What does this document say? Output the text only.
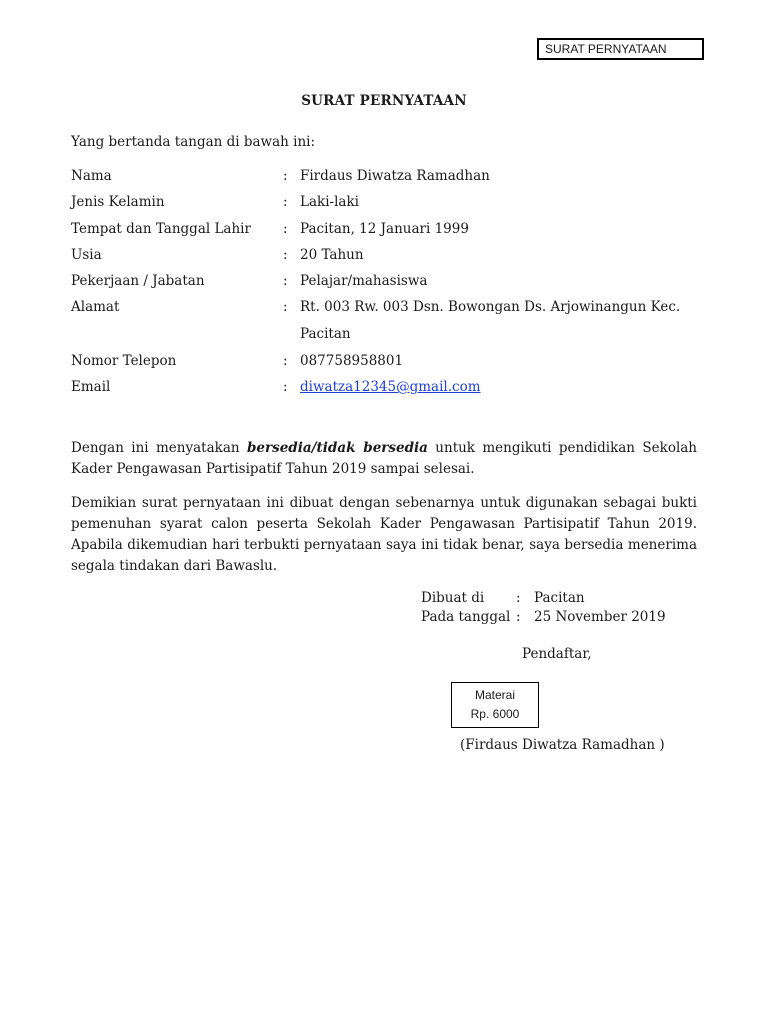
SURAT PERNYATAAN
SURAT PERNYATAAN
Yang bertanda tangan di bawah ini:
Nama	: Firdaus Diwatza Ramadhan
Jenis Kelamin	: Laki-laki
Tempat dan Tanggal Lahir : Pacitan, 12 Januari 1999
Usia	: 20 Tahun
Pekerjaan / Jabatan	: Pelajar/mahasiswa
Alamat	: Rt. 003 Rw. 003 Dsn. Bowongan Ds. Arjowinangun Kec.
Pacitan
Nomor Telepon	: 087758958801
Email	: diwatza12345@gmail.com
Dengan ini menyatakan bersedia/tidak bersedia untuk mengikuti pendidikan Sekolah Kader Pengawasan Partisipatif Tahun 2019 sampai selesai.
Demikian surat pernyataan ini dibuat dengan sebenarnya untuk digunakan sebagai bukti pemenuhan syarat calon peserta Sekolah Kader Pengawasan Partisipatif Tahun 2019. Apabila dikemudian hari terbukti pernyataan saya ini tidak benar, saya bersedia menerima segala tindakan dari Bawaslu.
Dibuat di : Pacitan
Pada tanggal : 25 November 2019
Pendaftar,
Materai
Rp. 6000
(Firdaus Diwatza Ramadhan )
